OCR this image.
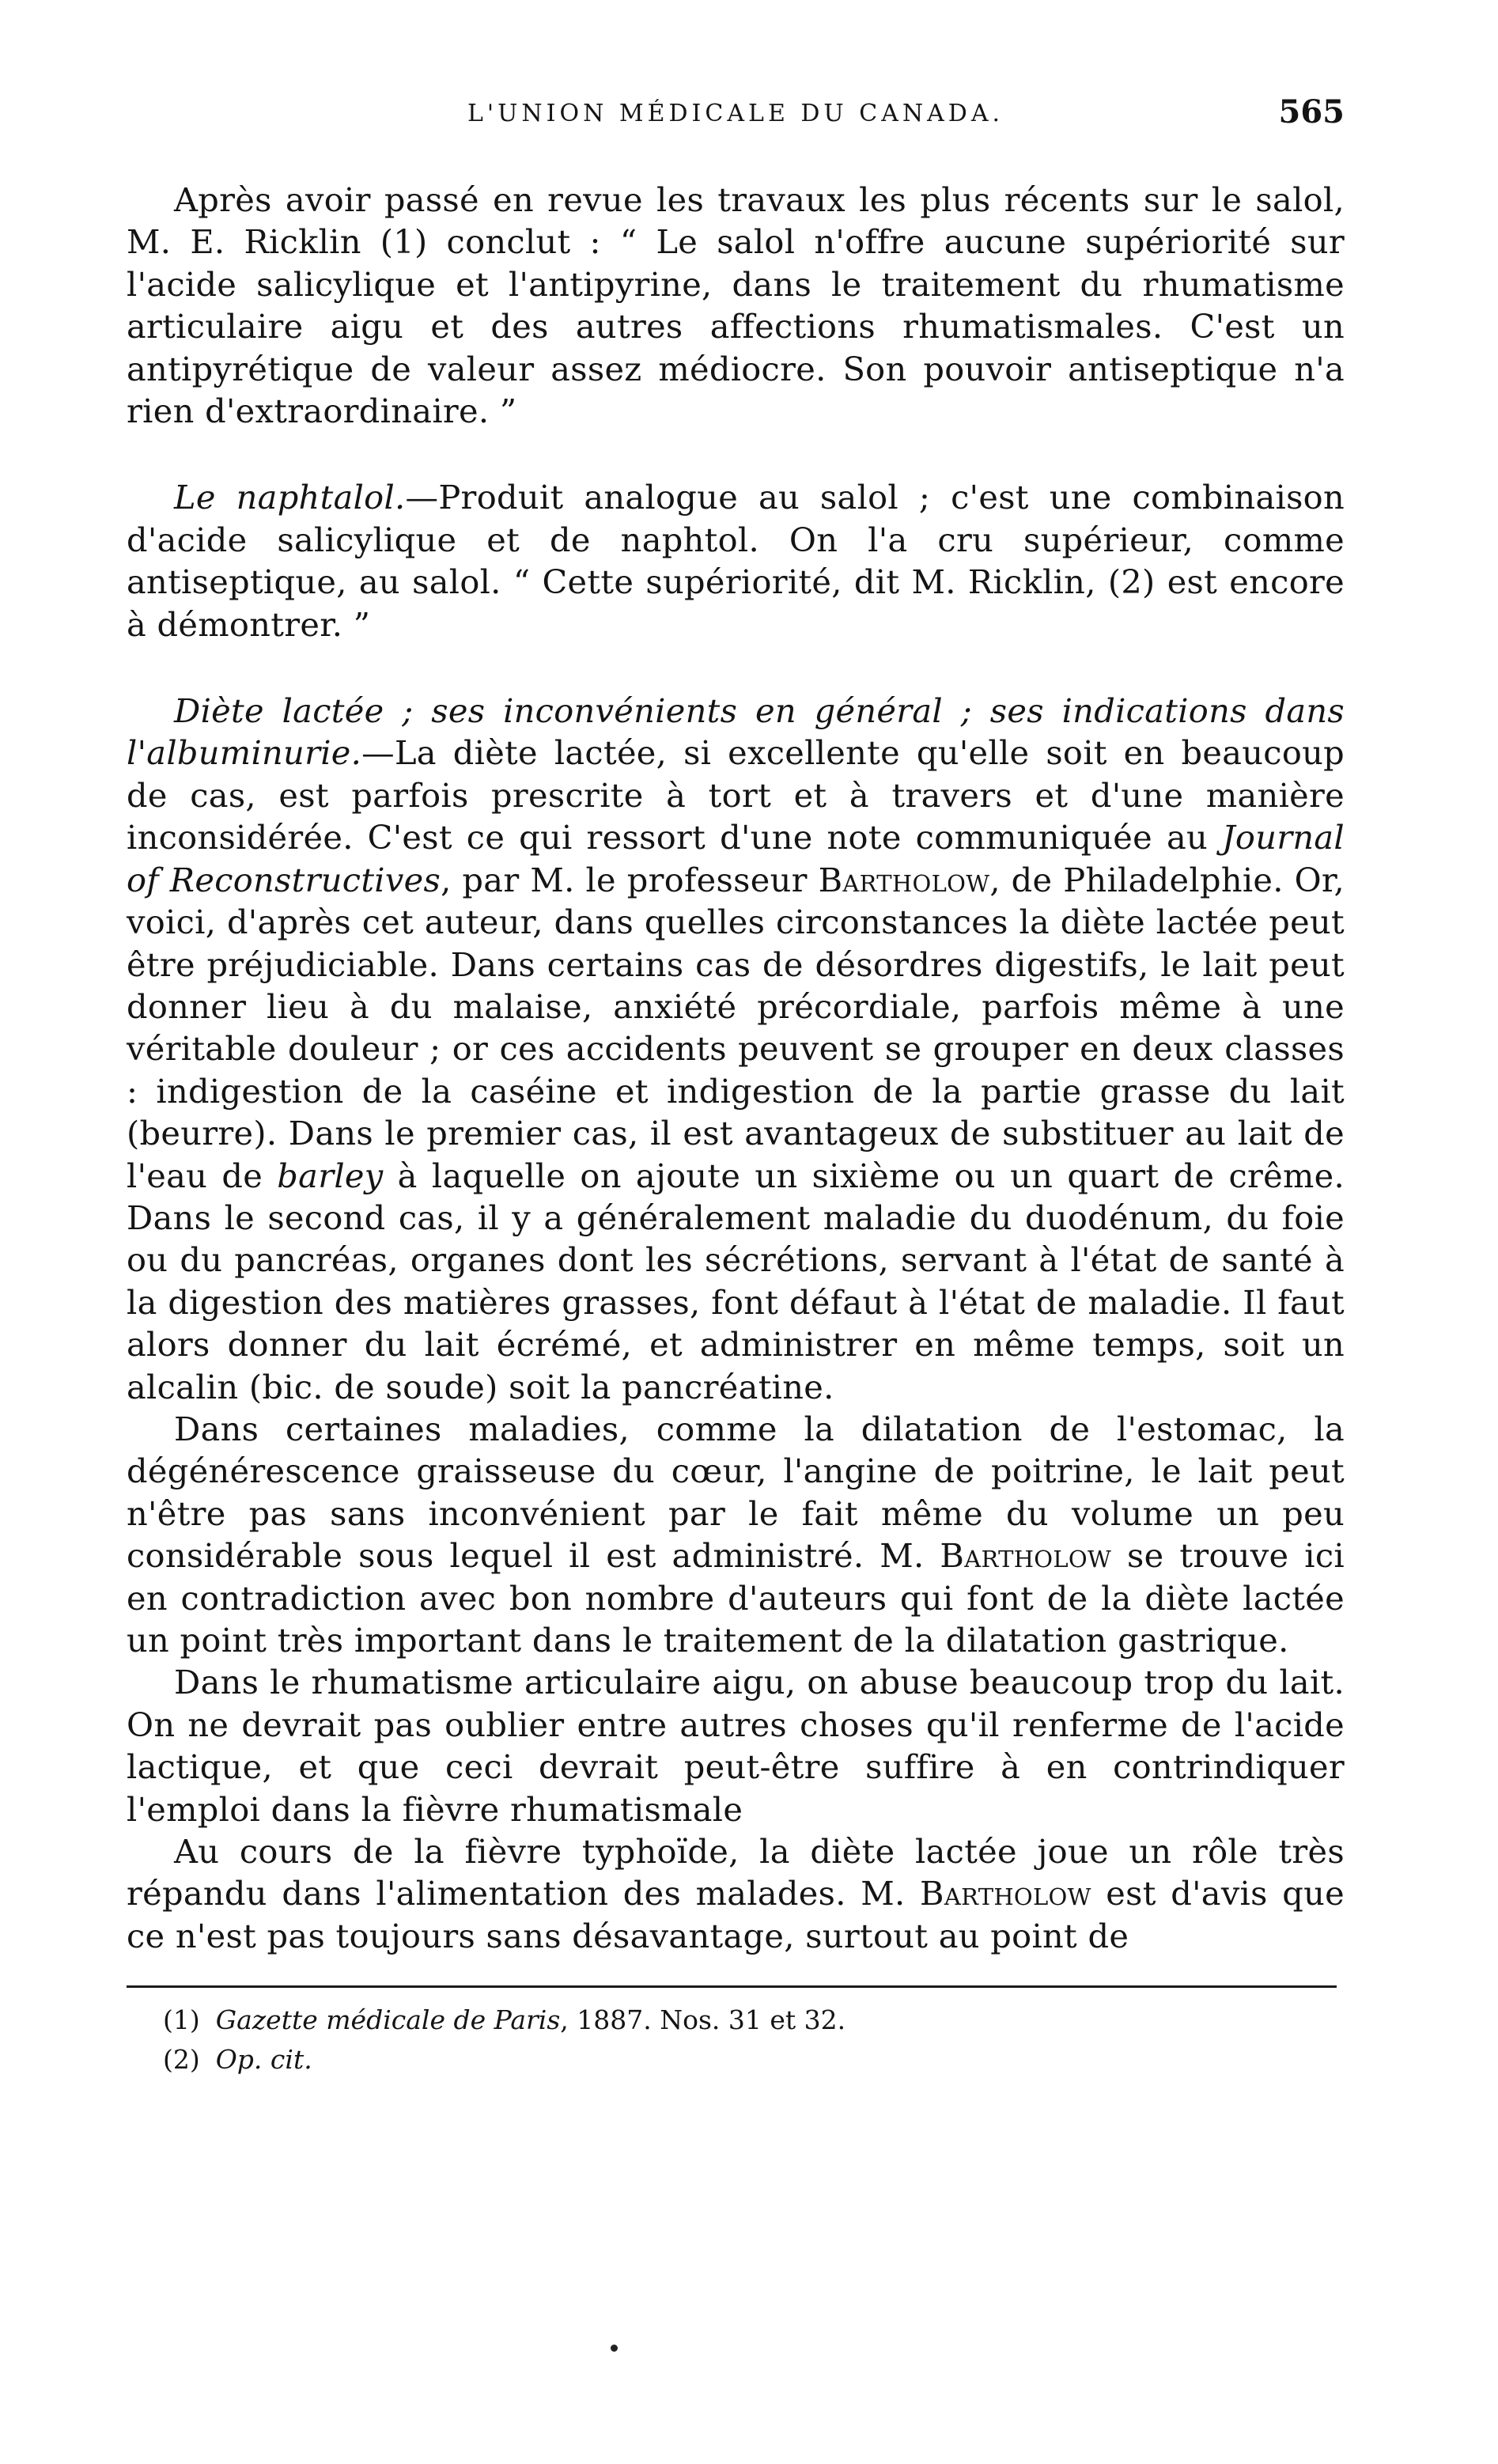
L'UNION MÉDICALE DU CANADA.	565

Après avoir passé en revue les travaux les plus récents sur le salol, M. E. Ricklin (1) conclut : “ Le salol n'offre aucune supériorité sur l'acide salicylique et l'antipyrine, dans le traitement du rhumatisme articulaire aigu et des autres affections rhumatismales. C'est un antipyrétique de valeur assez médiocre. Son pouvoir antiseptique n'a rien d'extraordinaire. ”

Le naphtalol.—Produit analogue au salol ; c'est une combinaison d'acide salicylique et de naphtol. On l'a cru supérieur, comme antiseptique, au salol. “ Cette supériorité, dit M. Ricklin, (2) est encore à démontrer. ”

Diète lactée ; ses inconvénients en général ; ses indications dans l'albuminurie.—La diète lactée, si excellente qu'elle soit en beaucoup de cas, est parfois prescrite à tort et à travers et d'une manière inconsidérée. C'est ce qui ressort d'une note communiquée au Journal of Reconstructives, par M. le professeur Bartholow, de Philadelphie. Or, voici, d'après cet auteur, dans quelles circonstances la diète lactée peut être préjudiciable. Dans certains cas de désordres digestifs, le lait peut donner lieu à du malaise, anxiété précordiale, parfois même à une véritable douleur ; or ces accidents peuvent se grouper en deux classes : indigestion de la caséine et indigestion de la partie grasse du lait (beurre). Dans le premier cas, il est avantageux de substituer au lait de l'eau de barley à laquelle on ajoute un sixième ou un quart de crême. Dans le second cas, il y a généralement maladie du duodénum, du foie ou du pancréas, organes dont les sécrétions, servant à l'état de santé à la digestion des matières grasses, font défaut à l'état de maladie. Il faut alors donner du lait écrémé, et administrer en même temps, soit un alcalin (bic. de soude) soit la pancréatine.

Dans certaines maladies, comme la dilatation de l'estomac, la dégénérescence graisseuse du cœur, l'angine de poitrine, le lait peut n'être pas sans inconvénient par le fait même du volume un peu considérable sous lequel il est administré. M. Bartholow se trouve ici en contradiction avec bon nombre d'auteurs qui font de la diète lactée un point très important dans le traitement de la dilatation gastrique.

Dans le rhumatisme articulaire aigu, on abuse beaucoup trop du lait. On ne devrait pas oublier entre autres choses qu'il renferme de l'acide lactique, et que ceci devrait peut-être suffire à en contrindiquer l'emploi dans la fièvre rhumatismale

Au cours de la fièvre typhoïde, la diète lactée joue un rôle très répandu dans l'alimentation des malades. M. Bartholow est d'avis que ce n'est pas toujours sans désavantage, surtout au point de

(1) Gazette médicale de Paris, 1887. Nos. 31 et 32.

(2) Op. cit.
